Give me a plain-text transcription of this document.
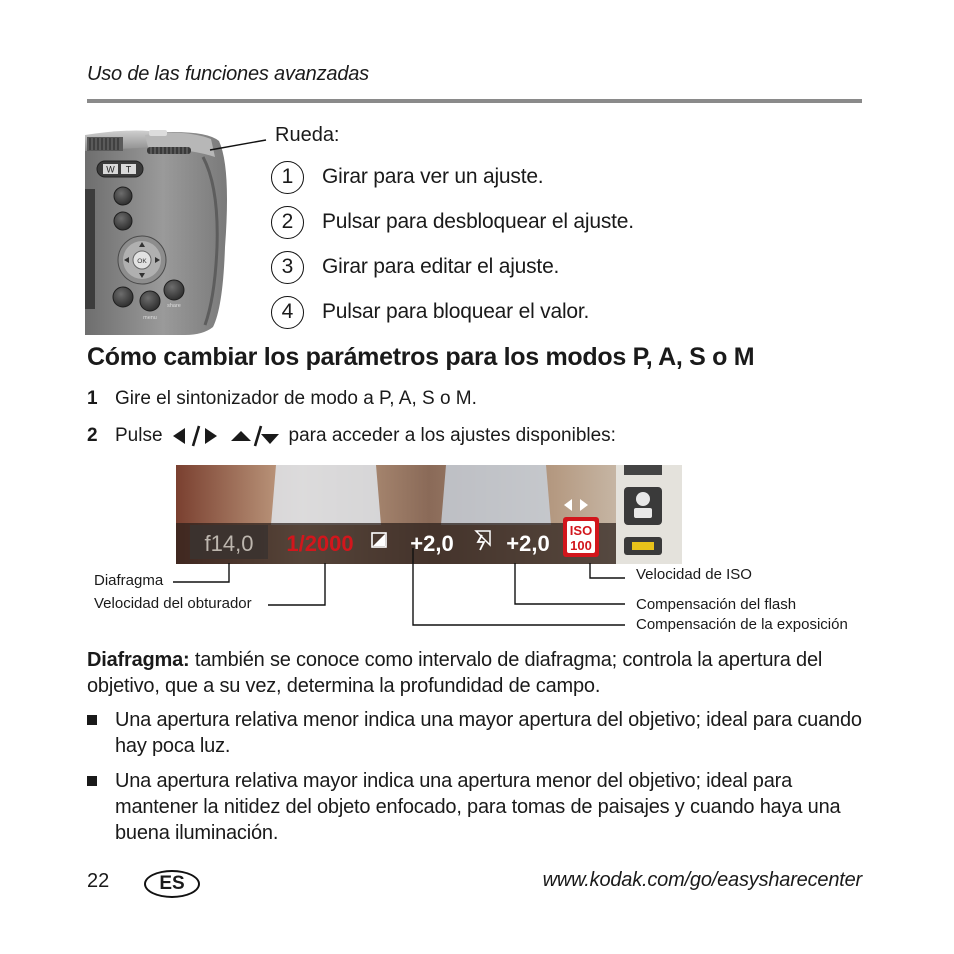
Uso de las funciones avanzadas
W T
OK
menu
share
Rueda:
1	Girar para ver un ajuste.
2	Pulsar para desbloquear el ajuste.
3	Girar para editar el ajuste.
4	Pulsar para bloquear el valor.
Cómo cambiar los parámetros para los modos P, A, S o M
1 Gire el sintonizador de modo a P, A, S o M.
2 Pulse	para acceder a los ajustes disponibles:
f14,0 1/2000	+2,0 +2,0
ISO
100
Diafragma
Velocidad del obturador
Velocidad de ISO
Compensación del flash
Compensación de la exposición
Diafragma: también se conoce como intervalo de diafragma; controla la apertura del objetivo, que a su vez, determina la profundidad de campo.
Una apertura relativa menor indica una mayor apertura del objetivo; ideal para cuando hay poca luz.
Una apertura relativa mayor indica una apertura menor del objetivo; ideal para mantener la nitidez del objeto enfocado, para tomas de paisajes y cuando haya una buena iluminación.
22	ES	www.kodak.com/go/easysharecenter
